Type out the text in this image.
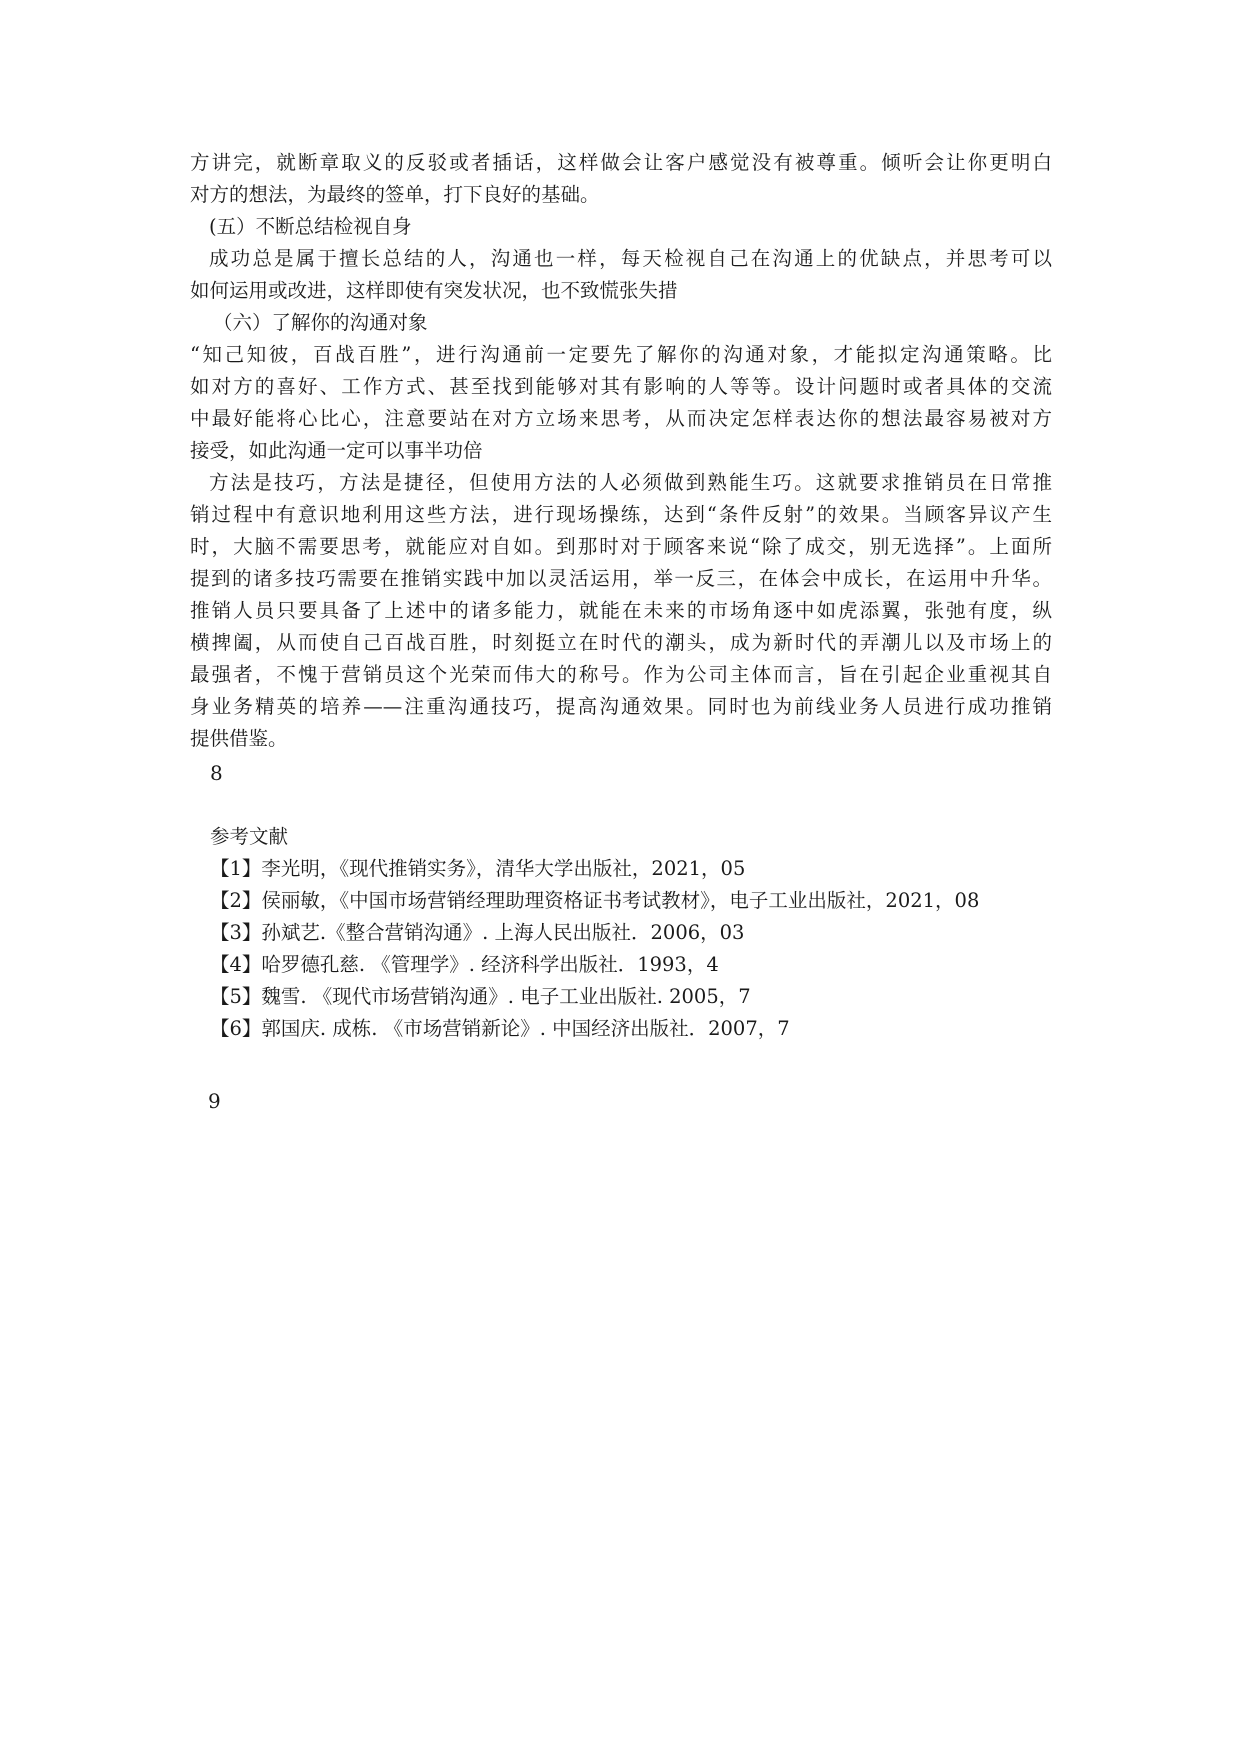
方讲完，就断章取义的反驳或者插话，这样做会让客户感觉没有被尊重。倾听会让你更明白
对方的想法，为最终的签单，打下良好的基础。
(五）不断总结检视自身
成功总是属于擅长总结的人，沟通也一样，每天检视自己在沟通上的优缺点，并思考可以
如何运用或改进，这样即使有突发状况，也不致慌张失措
（六）了解你的沟通对象
“知己知彼，百战百胜”，进行沟通前一定要先了解你的沟通对象，才能拟定沟通策略。比
如对方的喜好、工作方式、甚至找到能够对其有影响的人等等。设计问题时或者具体的交流
中最好能将心比心，注意要站在对方立场来思考，从而决定怎样表达你的想法最容易被对方
接受，如此沟通一定可以事半功倍
方法是技巧，方法是捷径，但使用方法的人必须做到熟能生巧。这就要求推销员在日常推
销过程中有意识地利用这些方法，进行现场操练，达到“条件反射”的效果。当顾客异议产生
时，大脑不需要思考，就能应对自如。到那时对于顾客来说“除了成交，别无选择”。上面所
提到的诸多技巧需要在推销实践中加以灵活运用，举一反三，在体会中成长，在运用中升华。
推销人员只要具备了上述中的诸多能力，就能在未来的市场角逐中如虎添翼，张弛有度，纵
横捭阖，从而使自己百战百胜，时刻挺立在时代的潮头，成为新时代的弄潮儿以及市场上的
最强者，不愧于营销员这个光荣而伟大的称号。作为公司主体而言，旨在引起企业重视其自
身业务精英的培养——注重沟通技巧，提高沟通效果。同时也为前线业务人员进行成功推销
提供借鉴。
8
参考文献
【1】李光明，《现代推销实务》，清华大学出版社，2021，05
【2】侯丽敏，《中国市场营销经理助理资格证书考试教材》，电子工业出版社，2021，08
【3】孙斌艺.《整合营销沟通》. 上海人民出版社．2006，03
【4】哈罗德孔慈. 《管理学》. 经济科学出版社．1993，4
【5】魏雪. 《现代市场营销沟通》. 电子工业出版社. 2005，7
【6】郭国庆. 成栋. 《市场营销新论》. 中国经济出版社．2007，7
9
